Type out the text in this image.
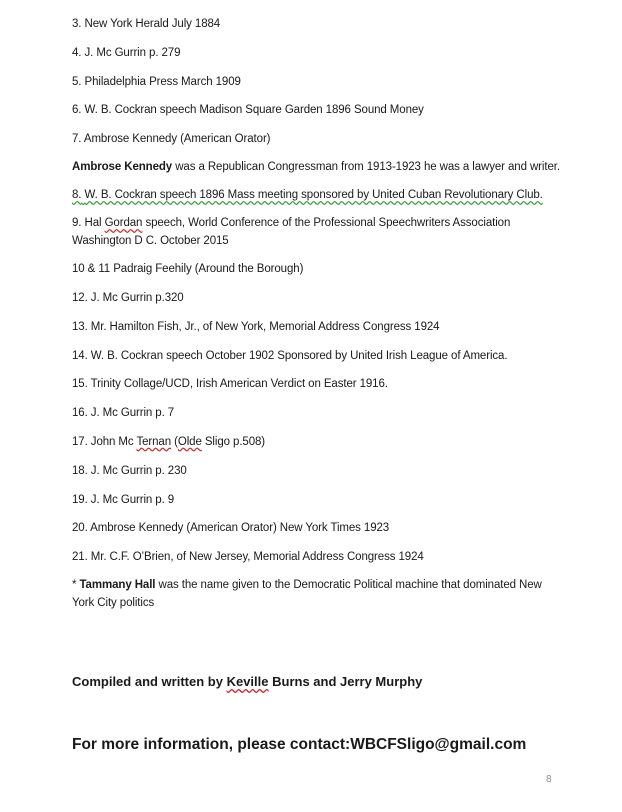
3. New York Herald July 1884
4. J. Mc Gurrin p. 279
5. Philadelphia Press March 1909
6. W. B. Cockran speech Madison Square Garden 1896 Sound Money
7. Ambrose Kennedy (American Orator)
Ambrose Kennedy was a Republican Congressman from 1913-1923 he was a lawyer and writer.
8. W. B. Cockran speech 1896 Mass meeting sponsored by United Cuban Revolutionary Club.
9. Hal Gordan speech, World Conference of the Professional Speechwriters Association Washington D C. October 2015
10 & 11 Padraig Feehily (Around the Borough)
12. J. Mc Gurrin p.320
13. Mr. Hamilton Fish, Jr., of New York, Memorial Address Congress 1924
14. W. B. Cockran speech October 1902 Sponsored by United Irish League of America.
15. Trinity Collage/UCD, Irish American Verdict on Easter 1916.
16. J. Mc Gurrin p. 7
17. John Mc Ternan (Olde Sligo p.508)
18. J. Mc Gurrin p. 230
19. J. Mc Gurrin p. 9
20. Ambrose Kennedy (American Orator) New York Times 1923
21. Mr. C.F. O’Brien, of New Jersey, Memorial Address Congress 1924
* Tammany Hall was the name given to the Democratic Political machine that dominated New York City politics
Compiled and written by Keville Burns and Jerry Murphy
For more information, please contact:WBCFSligo@gmail.com
8
